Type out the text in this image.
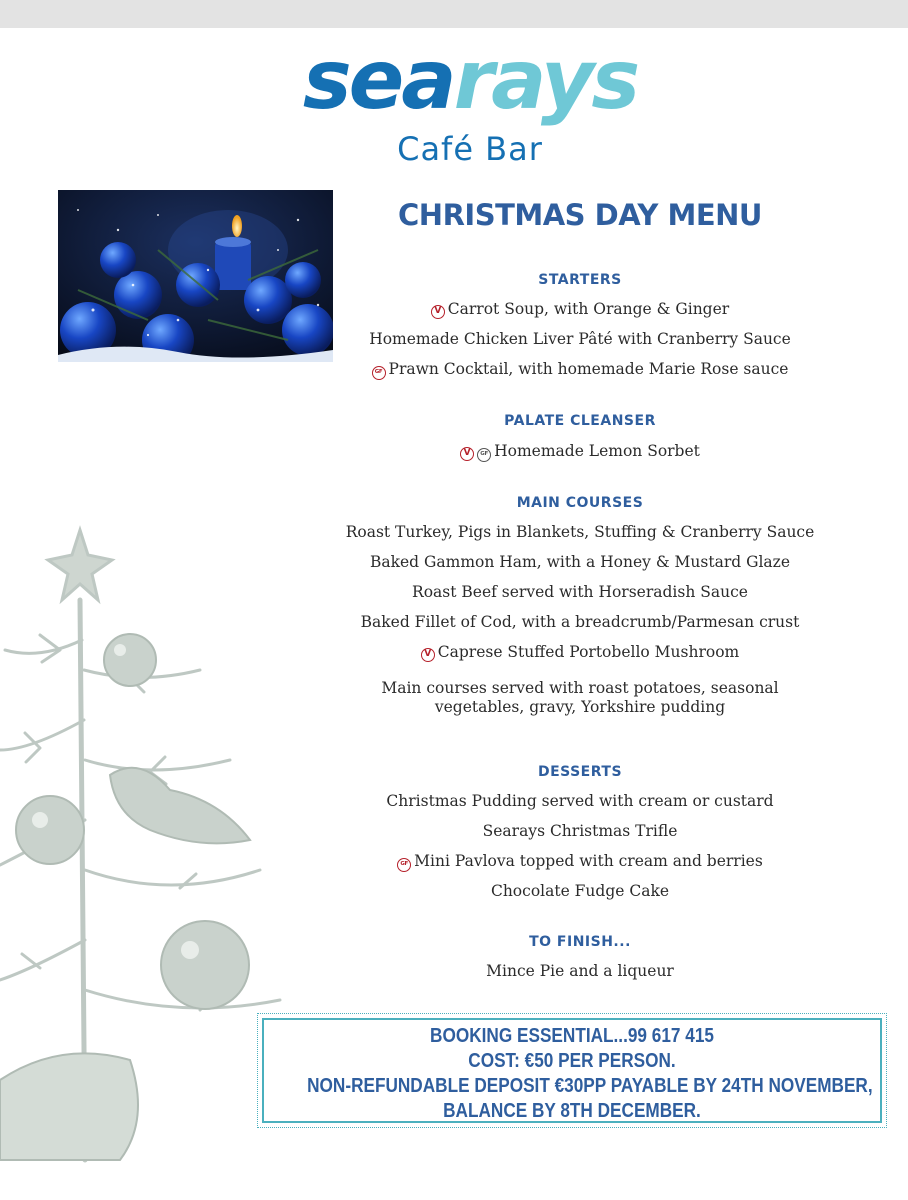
searays
Café Bar
CHRISTMAS DAY MENU
STARTERS
V Carrot Soup, with Orange & Ginger
Homemade Chicken Liver Pâté with Cranberry Sauce
GF Prawn Cocktail, with homemade Marie Rose sauce
PALATE CLEANSER
V GF Homemade Lemon Sorbet
MAIN COURSES
Roast Turkey, Pigs in Blankets, Stuffing & Cranberry Sauce
Baked Gammon Ham, with a Honey & Mustard Glaze
Roast Beef served with Horseradish Sauce
Baked Fillet of Cod, with a breadcrumb/Parmesan crust
V Caprese Stuffed Portobello Mushroom
Main courses served with roast potatoes, seasonal
vegetables, gravy, Yorkshire pudding
DESSERTS
Christmas Pudding served with cream or custard
Searays Christmas Trifle
GF Mini Pavlova topped with cream and berries
Chocolate Fudge Cake
TO FINISH...
Mince Pie and a liqueur
BOOKING ESSENTIAL...99 617 415
COST: €50 PER PERSON.
NON-REFUNDABLE DEPOSIT €30PP PAYABLE BY 24TH NOVEMBER,
BALANCE BY 8TH DECEMBER.
